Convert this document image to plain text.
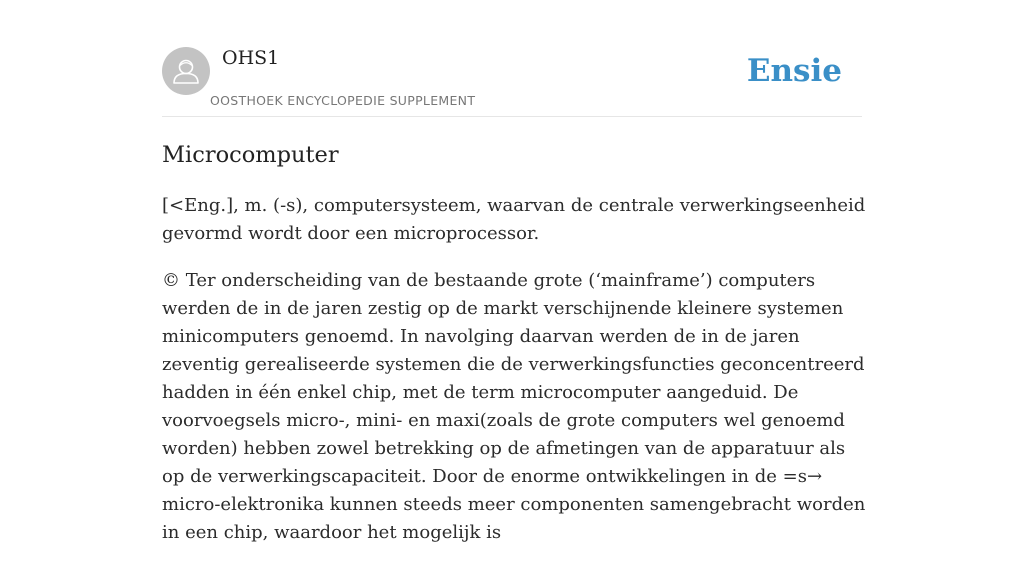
OHS1
OOSTHOEK ENCYCLOPEDIE SUPPLEMENT
Ensie
Microcomputer

[<Eng.], m. (-s), computersysteem, waarvan de centrale verwerkingseenheid gevormd wordt door een microprocessor.

© Ter onderscheiding van de bestaande grote (‘mainframe’) computers werden de in de jaren zestig op de markt verschijnende kleinere systemen minicomputers genoemd. In navolging daarvan werden de in de jaren zeventig gerealiseerde systemen die de verwerkingsfuncties geconcentreerd hadden in één enkel chip, met de term microcomputer aangeduid. De voorvoegsels micro-, mini- en maxi(zoals de grote computers wel genoemd worden) hebben zowel betrekking op de afmetingen van de apparatuur als op de verwerkingscapaciteit. Door de enorme ontwikkelingen in de =s→ micro-elektronika kunnen steeds meer componenten samengebracht worden in een chip, waardoor het mogelijk is
